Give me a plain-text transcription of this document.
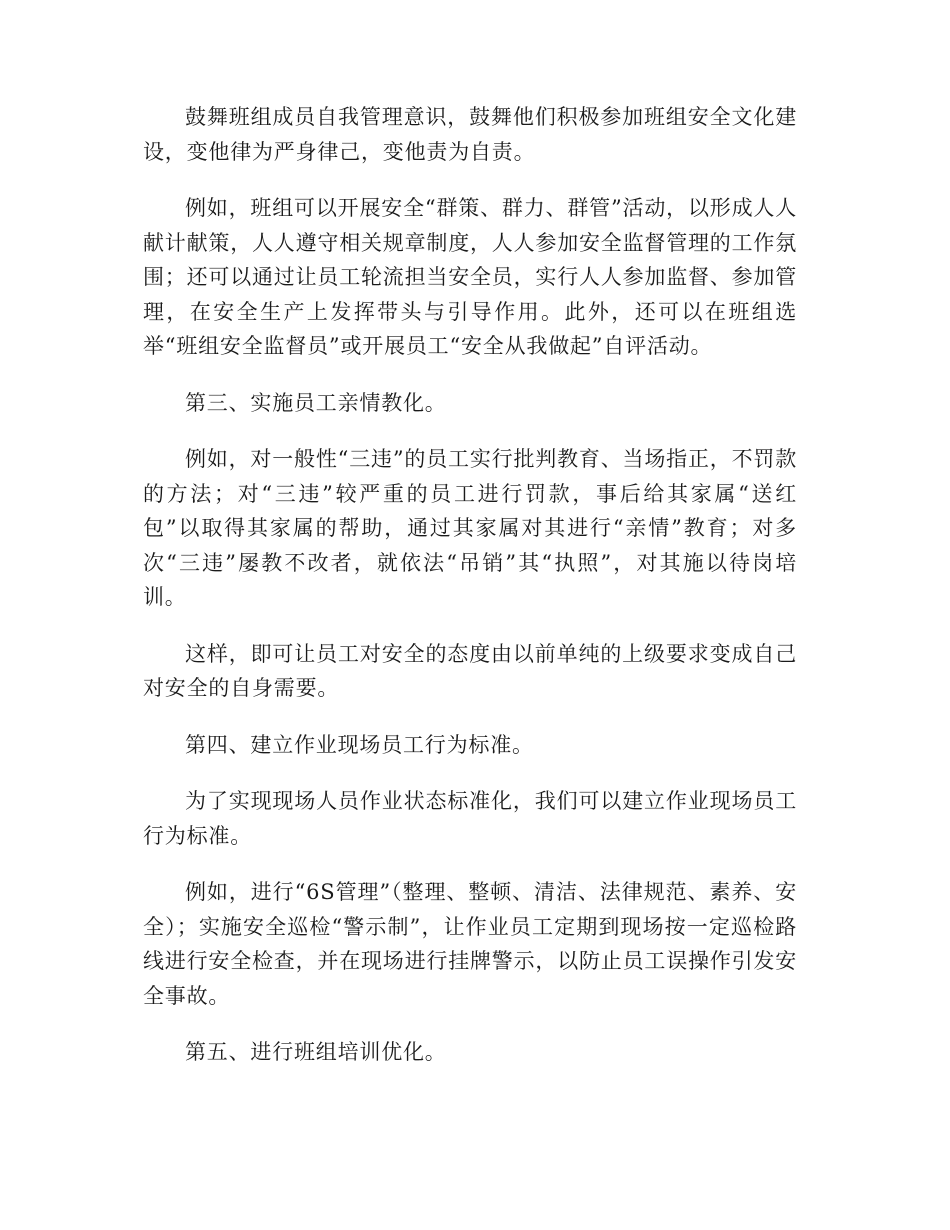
鼓舞班组成员自我管理意识，鼓舞他们积极参加班组安全文化建设，变他律为严身律己，变他责为自责。

例如，班组可以开展安全“群策、群力、群管”活动，以形成人人献计献策，人人遵守相关规章制度，人人参加安全监督管理的工作氛围；还可以通过让员工轮流担当安全员，实行人人参加监督、参加管理，在安全生产上发挥带头与引导作用。此外，还可以在班组选举“班组安全监督员”或开展员工“安全从我做起”自评活动。

第三、实施员工亲情教化。

例如，对一般性“三违”的员工实行批判教育、当场指正，不罚款的方法；对“三违”较严重的员工进行罚款，事后给其家属“送红包”以取得其家属的帮助，通过其家属对其进行“亲情”教育；对多次“三违”屡教不改者，就依法“吊销”其“执照”，对其施以待岗培训。

这样，即可让员工对安全的态度由以前单纯的上级要求变成自己对安全的自身需要。

第四、建立作业现场员工行为标准。

为了实现现场人员作业状态标准化，我们可以建立作业现场员工行为标准。

例如，进行“6S管理”（整理、整顿、清洁、法律规范、素养、安全）；实施安全巡检“警示制”，让作业员工定期到现场按一定巡检路线进行安全检查，并在现场进行挂牌警示，以防止员工误操作引发安全事故。

第五、进行班组培训优化。
